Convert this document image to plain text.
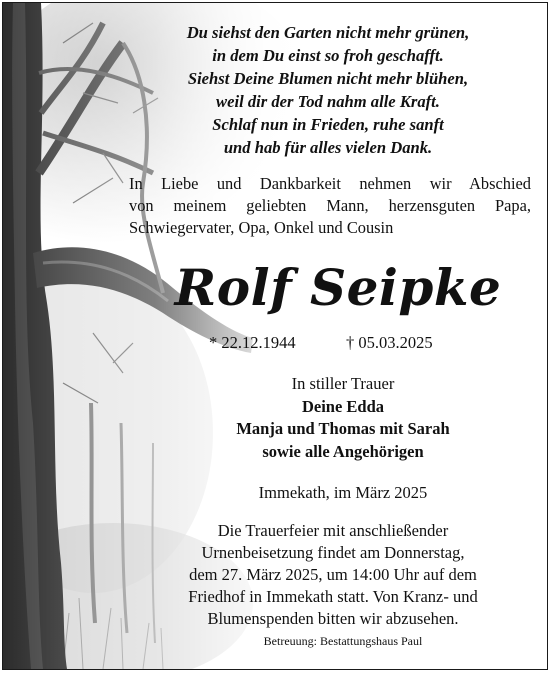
Du siehst den Garten nicht mehr grünen,
in dem Du einst so froh geschafft.
Siehst Deine Blumen nicht mehr blühen,
weil dir der Tod nahm alle Kraft.
Schlaf nun in Frieden, ruhe sanft
und hab für alles vielen Dank.
In Liebe und Dankbarkeit nehmen wir Abschied
von meinem geliebten Mann, herzensguten Papa,
Schwiegervater, Opa, Onkel und Cousin
Rolf Seipke
* 22.12.1944	† 05.03.2025
In stiller Trauer
Deine Edda
Manja und Thomas mit Sarah
sowie alle Angehörigen
Immekath, im März 2025
Die Trauerfeier mit anschließender
Urnenbeisetzung findet am Donnerstag,
dem 27. März 2025, um 14:00 Uhr auf dem
Friedhof in Immekath statt. Von Kranz- und
Blumenspenden bitten wir abzusehen.
Betreuung: Bestattungshaus Paul
